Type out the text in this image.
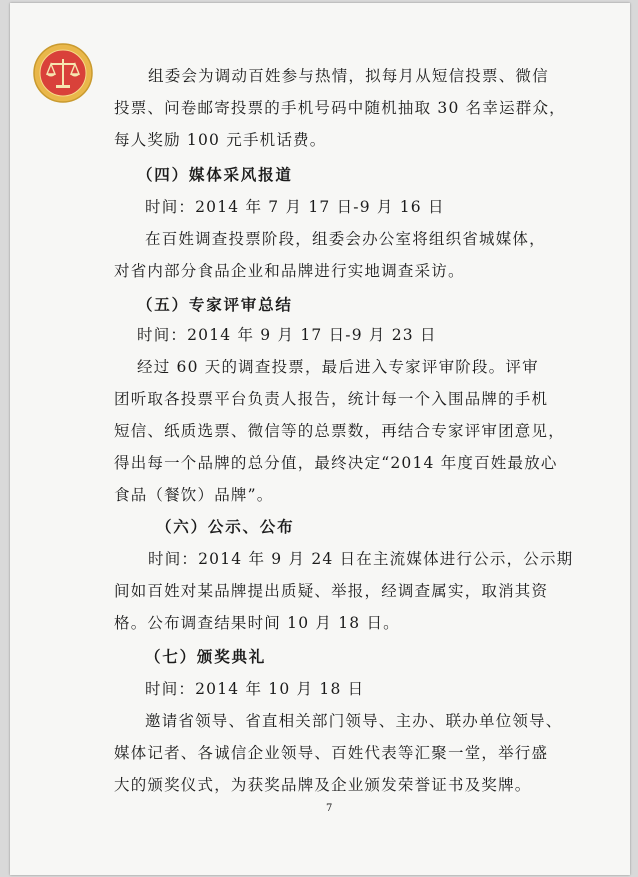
组委会为调动百姓参与热情，拟每月从短信投票、微信
投票、问卷邮寄投票的手机号码中随机抽取 30 名幸运群众，
每人奖励 100 元手机话费。
（四）媒体采风报道
时间：2014 年 7 月 17 日-9 月 16 日
在百姓调查投票阶段，组委会办公室将组织省城媒体，
对省内部分食品企业和品牌进行实地调查采访。
（五）专家评审总结
时间：2014 年 9 月 17 日-9 月 23 日
经过 60 天的调查投票，最后进入专家评审阶段。评审
团听取各投票平台负责人报告，统计每一个入围品牌的手机
短信、纸质选票、微信等的总票数，再结合专家评审团意见，
得出每一个品牌的总分值，最终决定“2014 年度百姓最放心
食品（餐饮）品牌”。
（六）公示、公布
时间：2014 年 9 月 24 日在主流媒体进行公示，公示期
间如百姓对某品牌提出质疑、举报，经调查属实，取消其资
格。公布调查结果时间 10 月 18 日。
（七）颁奖典礼
时间：2014 年 10 月 18 日
邀请省领导、省直相关部门领导、主办、联办单位领导、
媒体记者、各诚信企业领导、百姓代表等汇聚一堂，举行盛
大的颁奖仪式，为获奖品牌及企业颁发荣誉证书及奖牌。
7
